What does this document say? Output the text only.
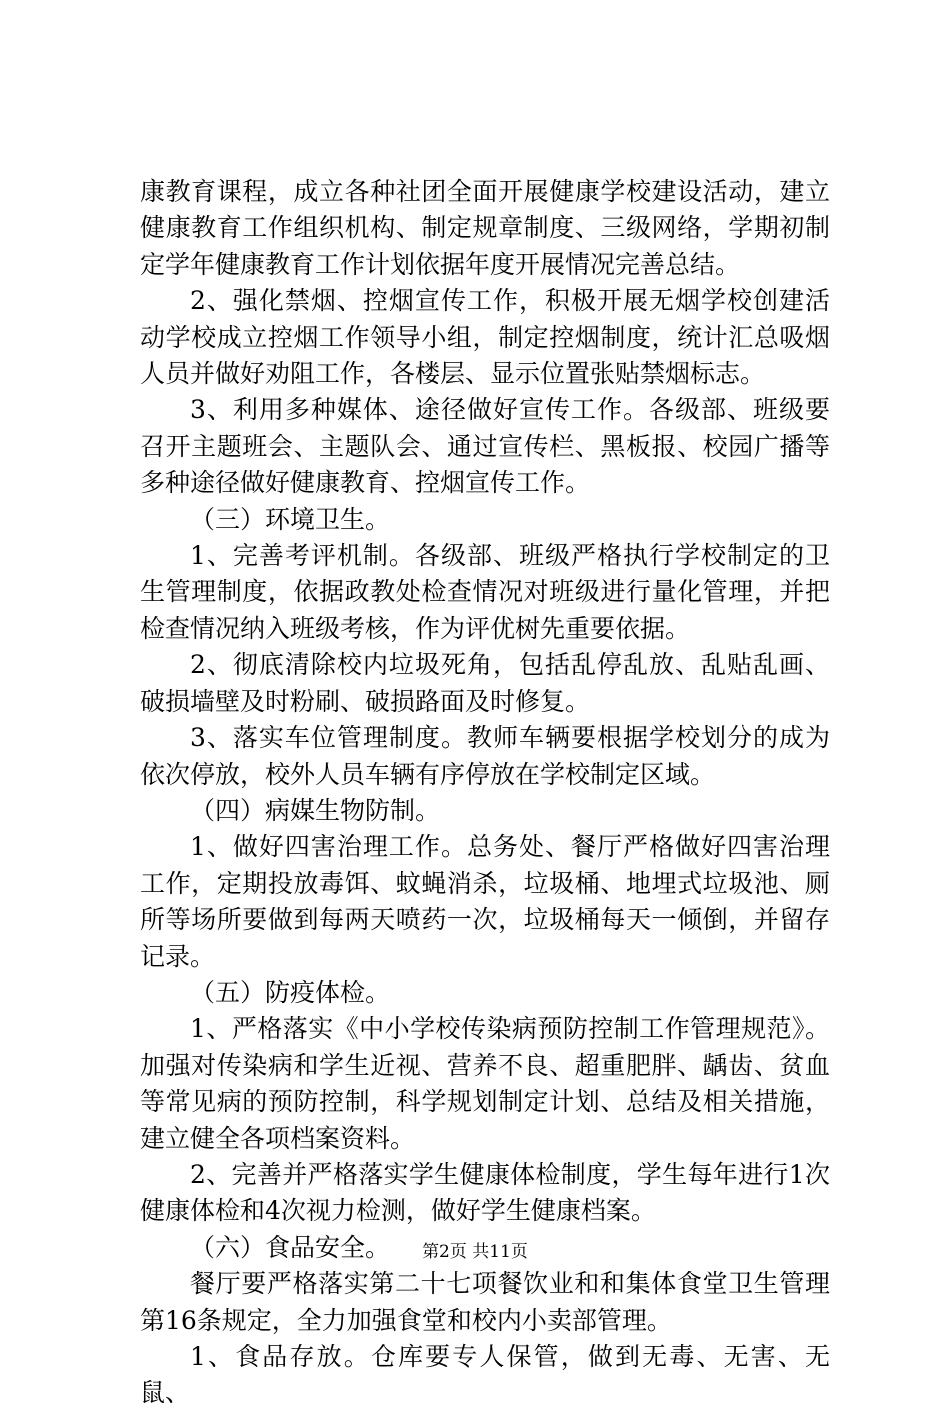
康教育课程，成立各种社团全面开展健康学校建设活动，建立健康教育工作组织机构、制定规章制度、三级网络，学期初制定学年健康教育工作计划依据年度开展情况完善总结。

2、强化禁烟、控烟宣传工作，积极开展无烟学校创建活动学校成立控烟工作领导小组，制定控烟制度，统计汇总吸烟人员并做好劝阻工作，各楼层、显示位置张贴禁烟标志。

3、利用多种媒体、途径做好宣传工作。各级部、班级要召开主题班会、主题队会、通过宣传栏、黑板报、校园广播等多种途径做好健康教育、控烟宣传工作。

（三）环境卫生。

1、完善考评机制。各级部、班级严格执行学校制定的卫生管理制度，依据政教处检查情况对班级进行量化管理，并把检查情况纳入班级考核，作为评优树先重要依据。

2、彻底清除校内垃圾死角，包括乱停乱放、乱贴乱画、破损墙壁及时粉刷、破损路面及时修复。

3、落实车位管理制度。教师车辆要根据学校划分的成为依次停放，校外人员车辆有序停放在学校制定区域。

（四）病媒生物防制。

1、做好四害治理工作。总务处、餐厅严格做好四害治理工作，定期投放毒饵、蚊蝇消杀，垃圾桶、地埋式垃圾池、厕所等场所要做到每两天喷药一次，垃圾桶每天一倾倒，并留存记录。

（五）防疫体检。

1、严格落实《中小学校传染病预防控制工作管理规范》。加强对传染病和学生近视、营养不良、超重肥胖、龋齿、贫血等常见病的预防控制，科学规划制定计划、总结及相关措施，建立健全各项档案资料。

2、完善并严格落实学生健康体检制度，学生每年进行1次健康体检和4次视力检测，做好学生健康档案。

（六）食品安全。

餐厅要严格落实第二十七项餐饮业和和集体食堂卫生管理第16条规定，全力加强食堂和校内小卖部管理。

1、食品存放。仓库要专人保管，做到无毒、无害、无鼠、

第2页 共11页
